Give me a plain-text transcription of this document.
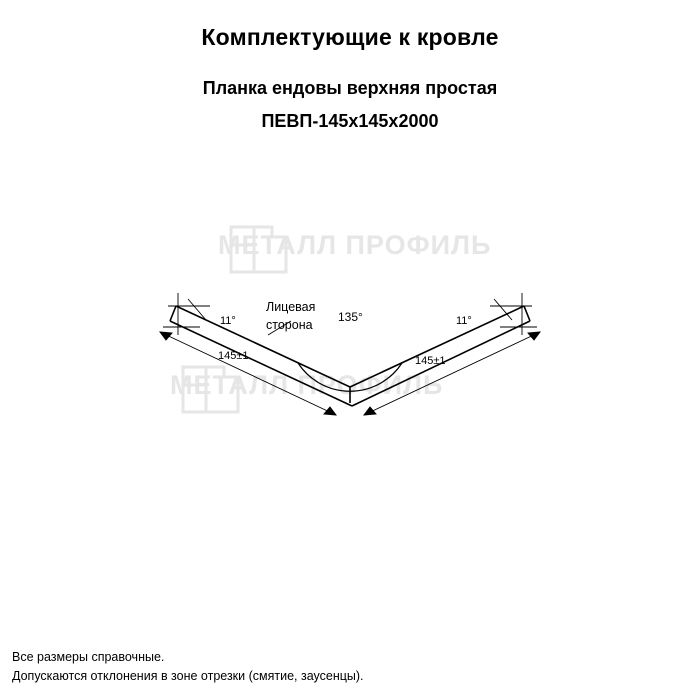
Комплектующие к кровле
Планка ендовы верхняя простая
ПЕВП-145x145x2000
МЕТАЛЛ ПРОФИЛЬ
МЕТАЛЛ ПРОФИЛЬ
135°
11°	11°
145±1	145±1
Лицевая
сторона
Все размеры справочные.
Допускаются отклонения в зоне отрезки (смятие, заусенцы).
